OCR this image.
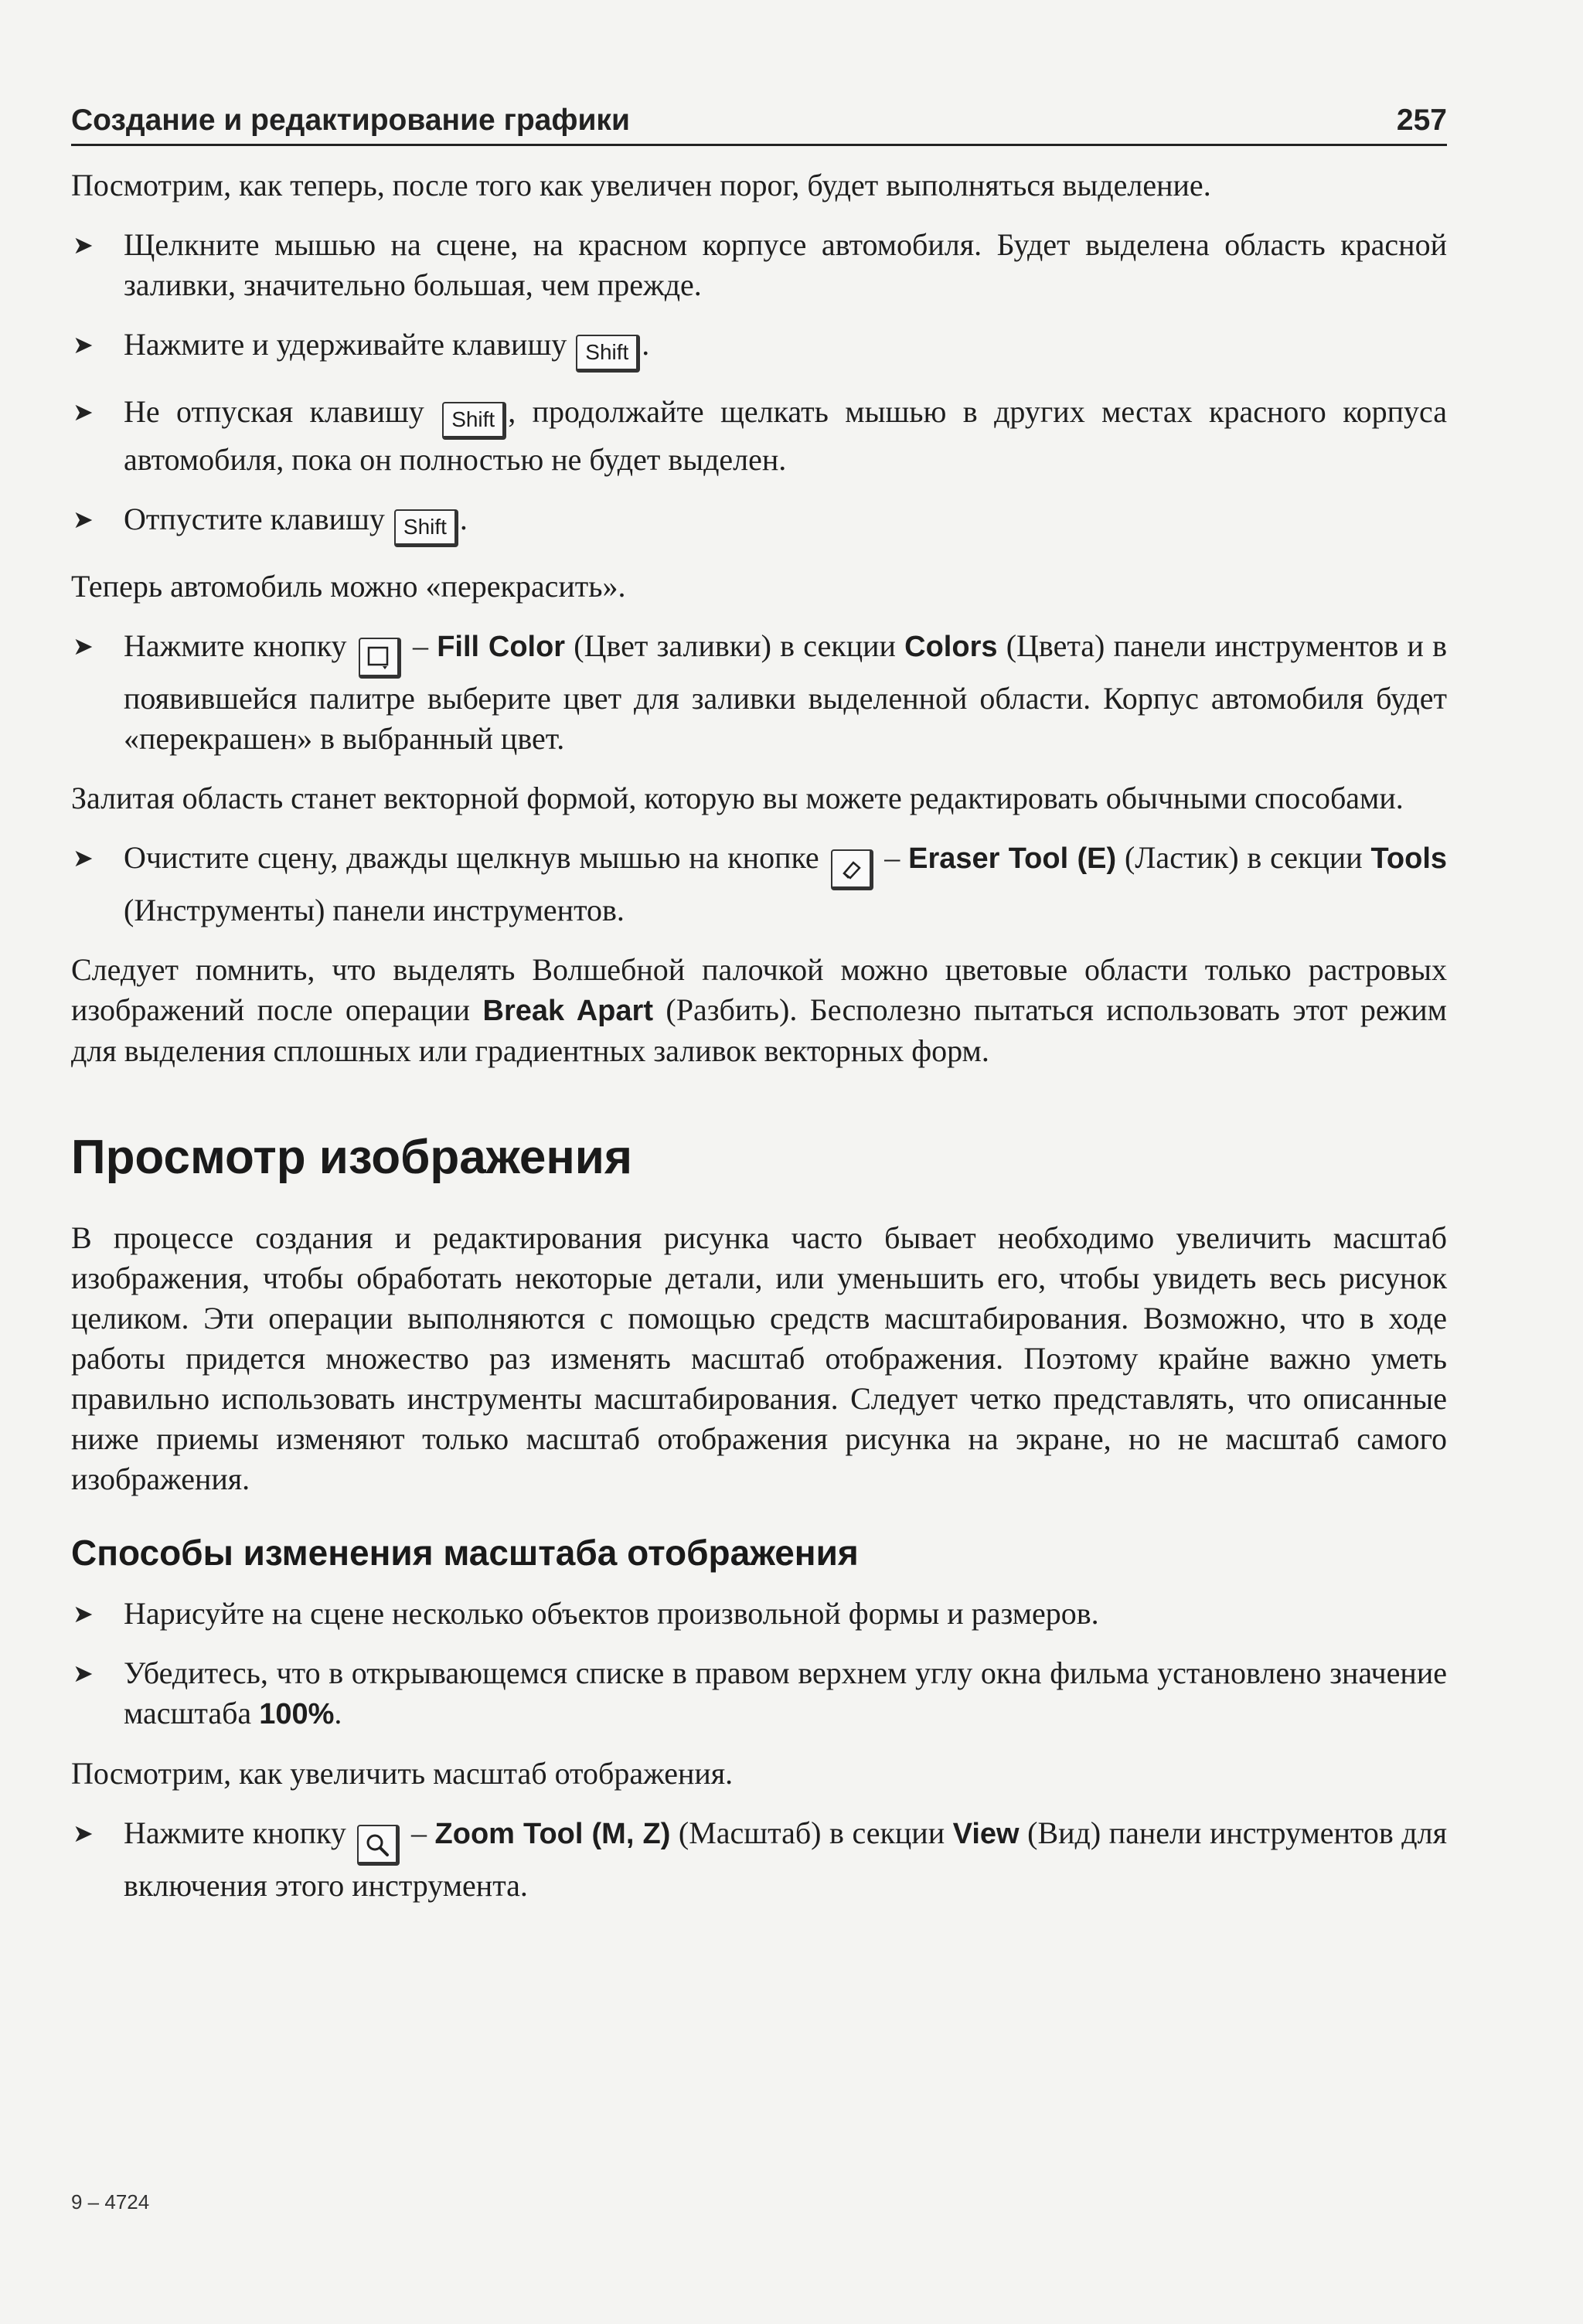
Создание и редактирование графики	257

Посмотрим, как теперь, после того как увеличен порог, будет выполняться выделение.

➤ Щелкните мышью на сцене, на красном корпусе автомобиля. Будет выделена область красной заливки, значительно большая, чем прежде.
➤ Нажмите и удерживайте клавишу Shift .
➤ Не отпуская клавишу Shift , продолжайте щелкать мышью в других местах красного корпуса автомобиля, пока он полностью не будет выделен.
➤ Отпустите клавишу Shift .

Теперь автомобиль можно «перекрасить».

➤ Нажмите кнопку  – Fill Color (Цвет заливки) в секции Colors (Цвета) панели инструментов и в появившейся палитре выберите цвет для заливки выделенной области. Корпус автомобиля будет «перекрашен» в выбранный цвет.

Залитая область станет векторной формой, которую вы можете редактировать обычными способами.

➤ Очистите сцену, дважды щелкнув мышью на кнопке  – Eraser Tool (E) (Ластик) в секции Tools (Инструменты) панели инструментов.

Следует помнить, что выделять Волшебной палочкой можно цветовые области только растровых изображений после операции Break Apart (Разбить). Бесполезно пытаться использовать этот режим для выделения сплошных или градиентных заливок векторных форм.

Просмотр изображения

В процессе создания и редактирования рисунка часто бывает необходимо увеличить масштаб изображения, чтобы обработать некоторые детали, или уменьшить его, чтобы увидеть весь рисунок целиком. Эти операции выполняются с помощью средств масштабирования. Возможно, что в ходе работы придется множество раз изменять масштаб отображения. Поэтому крайне важно уметь правильно использовать инструменты масштабирования. Следует четко представлять, что описанные ниже приемы изменяют только масштаб отображения рисунка на экране, но не масштаб самого изображения.

Способы изменения масштаба отображения
➤ Нарисуйте на сцене несколько объектов произвольной формы и размеров.
➤ Убедитесь, что в открывающемся списке в правом верхнем углу окна фильма установлено значение масштаба 100%.

Посмотрим, как увеличить масштаб отображения.

➤ Нажмите кнопку  – Zoom Tool (M, Z) (Масштаб) в секции View (Вид) панели инструментов для включения этого инструмента.
9 – 4724
